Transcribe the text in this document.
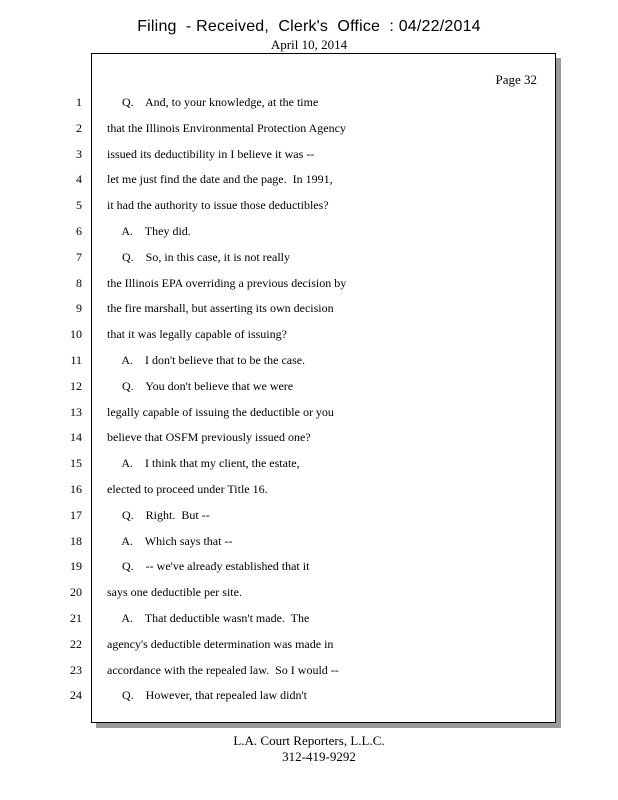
Filing  - Received,  Clerk's  Office  : 04/22/2014
April 10, 2014
Page 32
1 Q.    And, to your knowledge, at the time
2 that the Illinois Environmental Protection Agency
3 issued its deductibility in I believe it was --
4 let me just find the date and the page.  In 1991,
5 it had the authority to issue those deductibles?
6 A.    They did.
7 Q.    So, in this case, it is not really
8 the Illinois EPA overriding a previous decision by
9 the fire marshall, but asserting its own decision
10 that it was legally capable of issuing?
11 A.    I don't believe that to be the case.
12 Q.    You don't believe that we were
13 legally capable of issuing the deductible or you
14 believe that OSFM previously issued one?
15 A.    I think that my client, the estate,
16 elected to proceed under Title 16.
17 Q.    Right.  But --
18 A.    Which says that --
19 Q.    -- we've already established that it
20 says one deductible per site.
21 A.    That deductible wasn't made.  The
22 agency's deductible determination was made in
23 accordance with the repealed law.  So I would --
24 Q.    However, that repealed law didn't
L.A. Court Reporters, L.L.C.
312-419-9292
